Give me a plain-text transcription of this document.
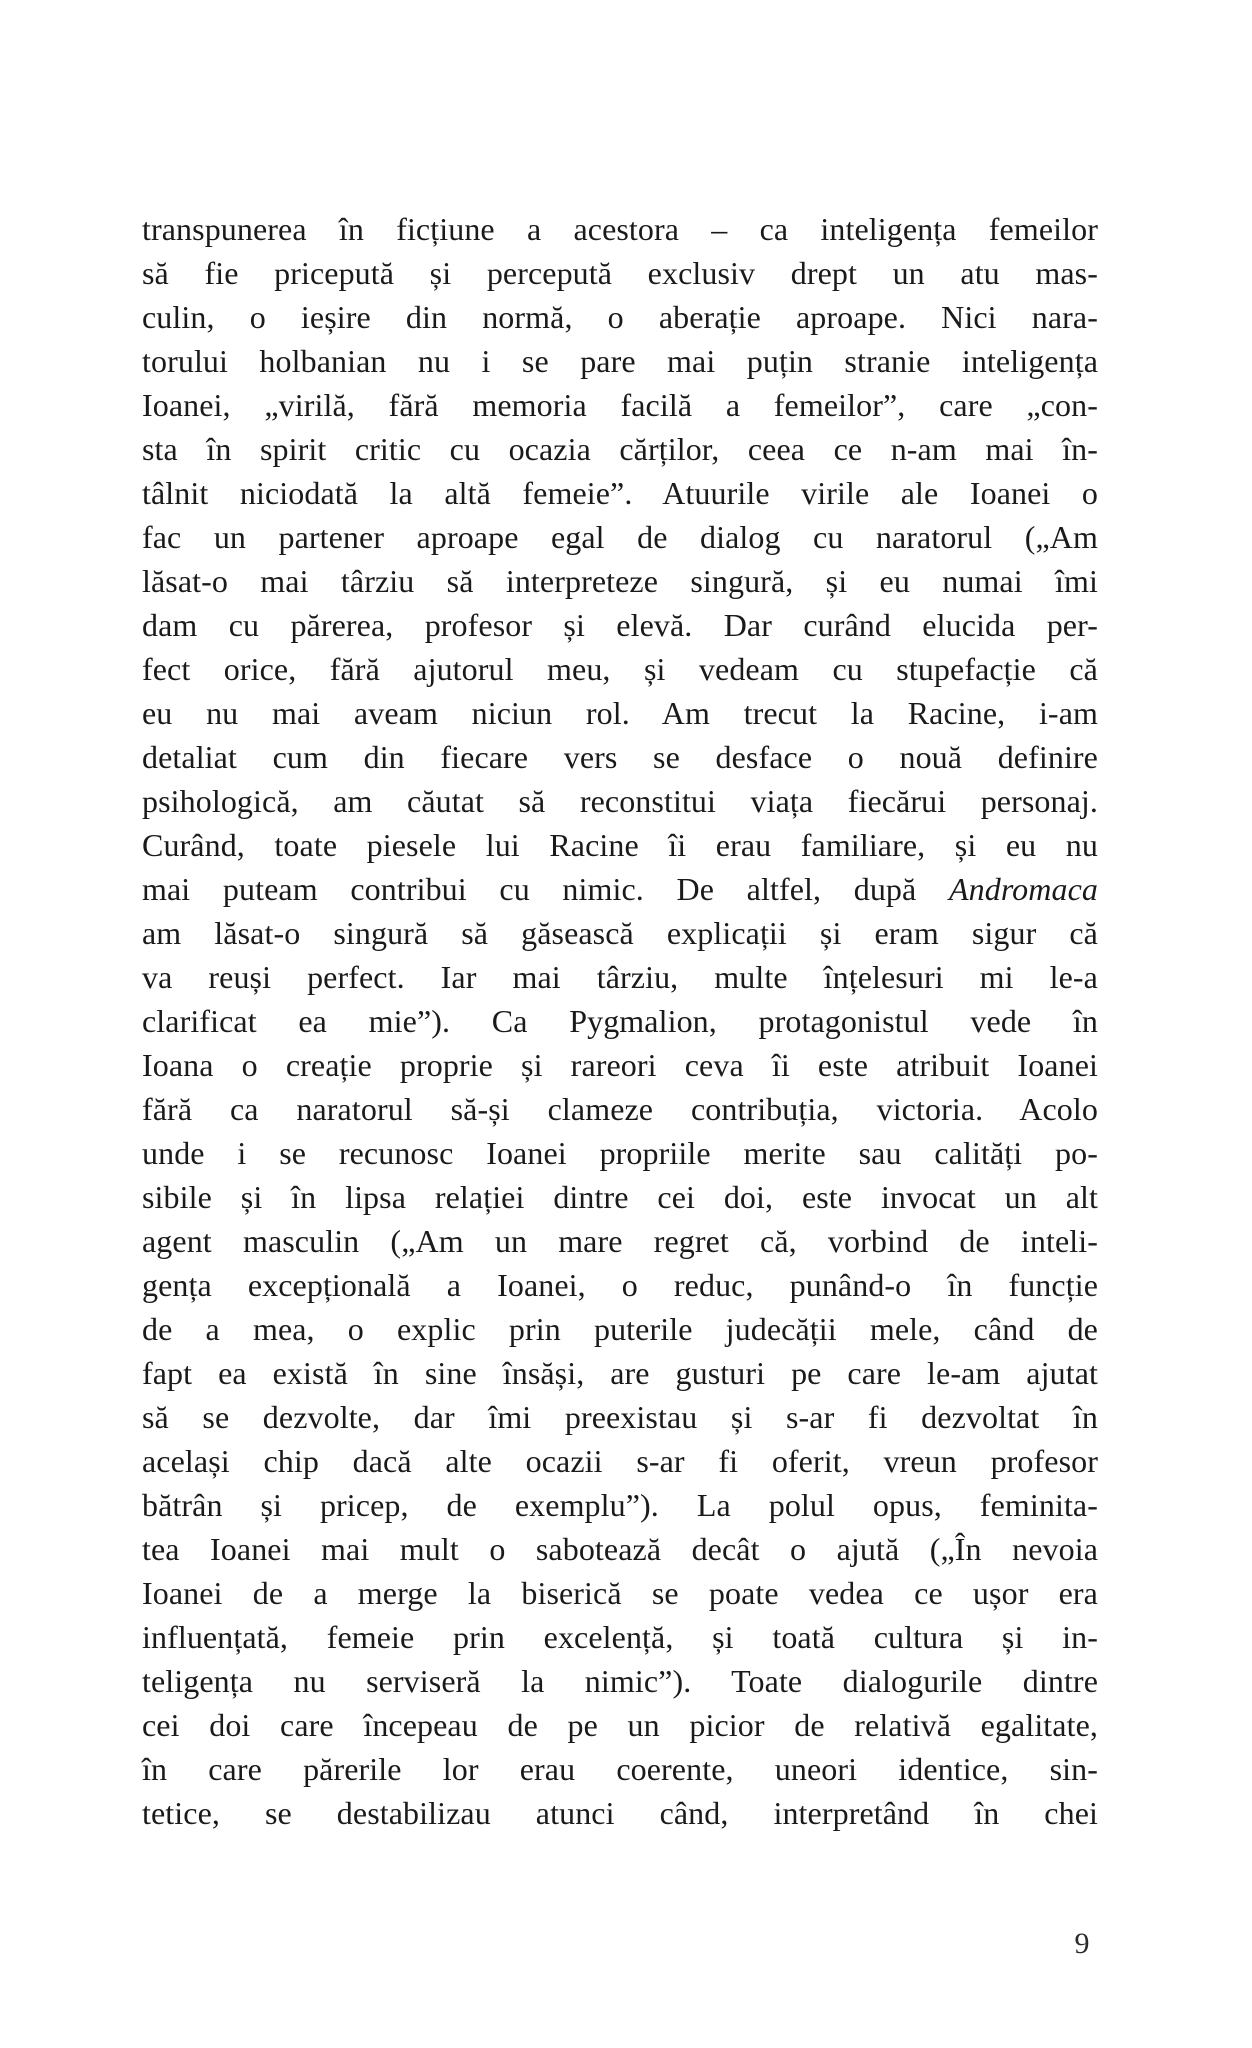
transpunerea în ficțiune a acestora – ca inteligența femeilor
să fie pricepută și percepută exclusiv drept un atu mas-
culin, o ieșire din normă, o aberație aproape. Nici nara-
torului holbanian nu i se pare mai puțin stranie inteligența
Ioanei, „virilă, fără memoria facilă a femeilor”, care „con-
sta în spirit critic cu ocazia cărților, ceea ce n-am mai în-
tâlnit niciodată la altă femeie”. Atuurile virile ale Ioanei o
fac un partener aproape egal de dialog cu naratorul („Am
lăsat-o mai târziu să interpreteze singură, și eu numai îmi
dam cu părerea, profesor și elevă. Dar curând elucida per-
fect orice, fără ajutorul meu, și vedeam cu stupefacție că
eu nu mai aveam niciun rol. Am trecut la Racine, i-am
detaliat cum din fiecare vers se desface o nouă definire
psihologică, am căutat să reconstitui viața fiecărui personaj.
Curând, toate piesele lui Racine îi erau familiare, și eu nu
mai puteam contribui cu nimic. De altfel, după Andromaca
am lăsat-o singură să găsească explicații și eram sigur că
va reuși perfect. Iar mai târziu, multe înțelesuri mi le-a
clarificat ea mie”). Ca Pygmalion, protagonistul vede în
Ioana o creație proprie și rareori ceva îi este atribuit Ioanei
fără ca naratorul să-și clameze contribuția, victoria. Acolo
unde i se recunosc Ioanei propriile merite sau calități po-
sibile și în lipsa relației dintre cei doi, este invocat un alt
agent masculin („Am un mare regret că, vorbind de inteli-
gența excepțională a Ioanei, o reduc, punând-o în funcție
de a mea, o explic prin puterile judecății mele, când de
fapt ea există în sine însăși, are gusturi pe care le-am ajutat
să se dezvolte, dar îmi preexistau și s-ar fi dezvoltat în
același chip dacă alte ocazii s-ar fi oferit, vreun profesor
bătrân și pricep, de exemplu”). La polul opus, feminita-
tea Ioanei mai mult o sabotează decât o ajută („În nevoia
Ioanei de a merge la biserică se poate vedea ce ușor era
influențată, femeie prin excelență, și toată cultura și in-
teligența nu serviseră la nimic”). Toate dialogurile dintre
cei doi care începeau de pe un picior de relativă egalitate,
în care părerile lor erau coerente, uneori identice, sin-
tetice, se destabilizau atunci când, interpretând în chei
9
